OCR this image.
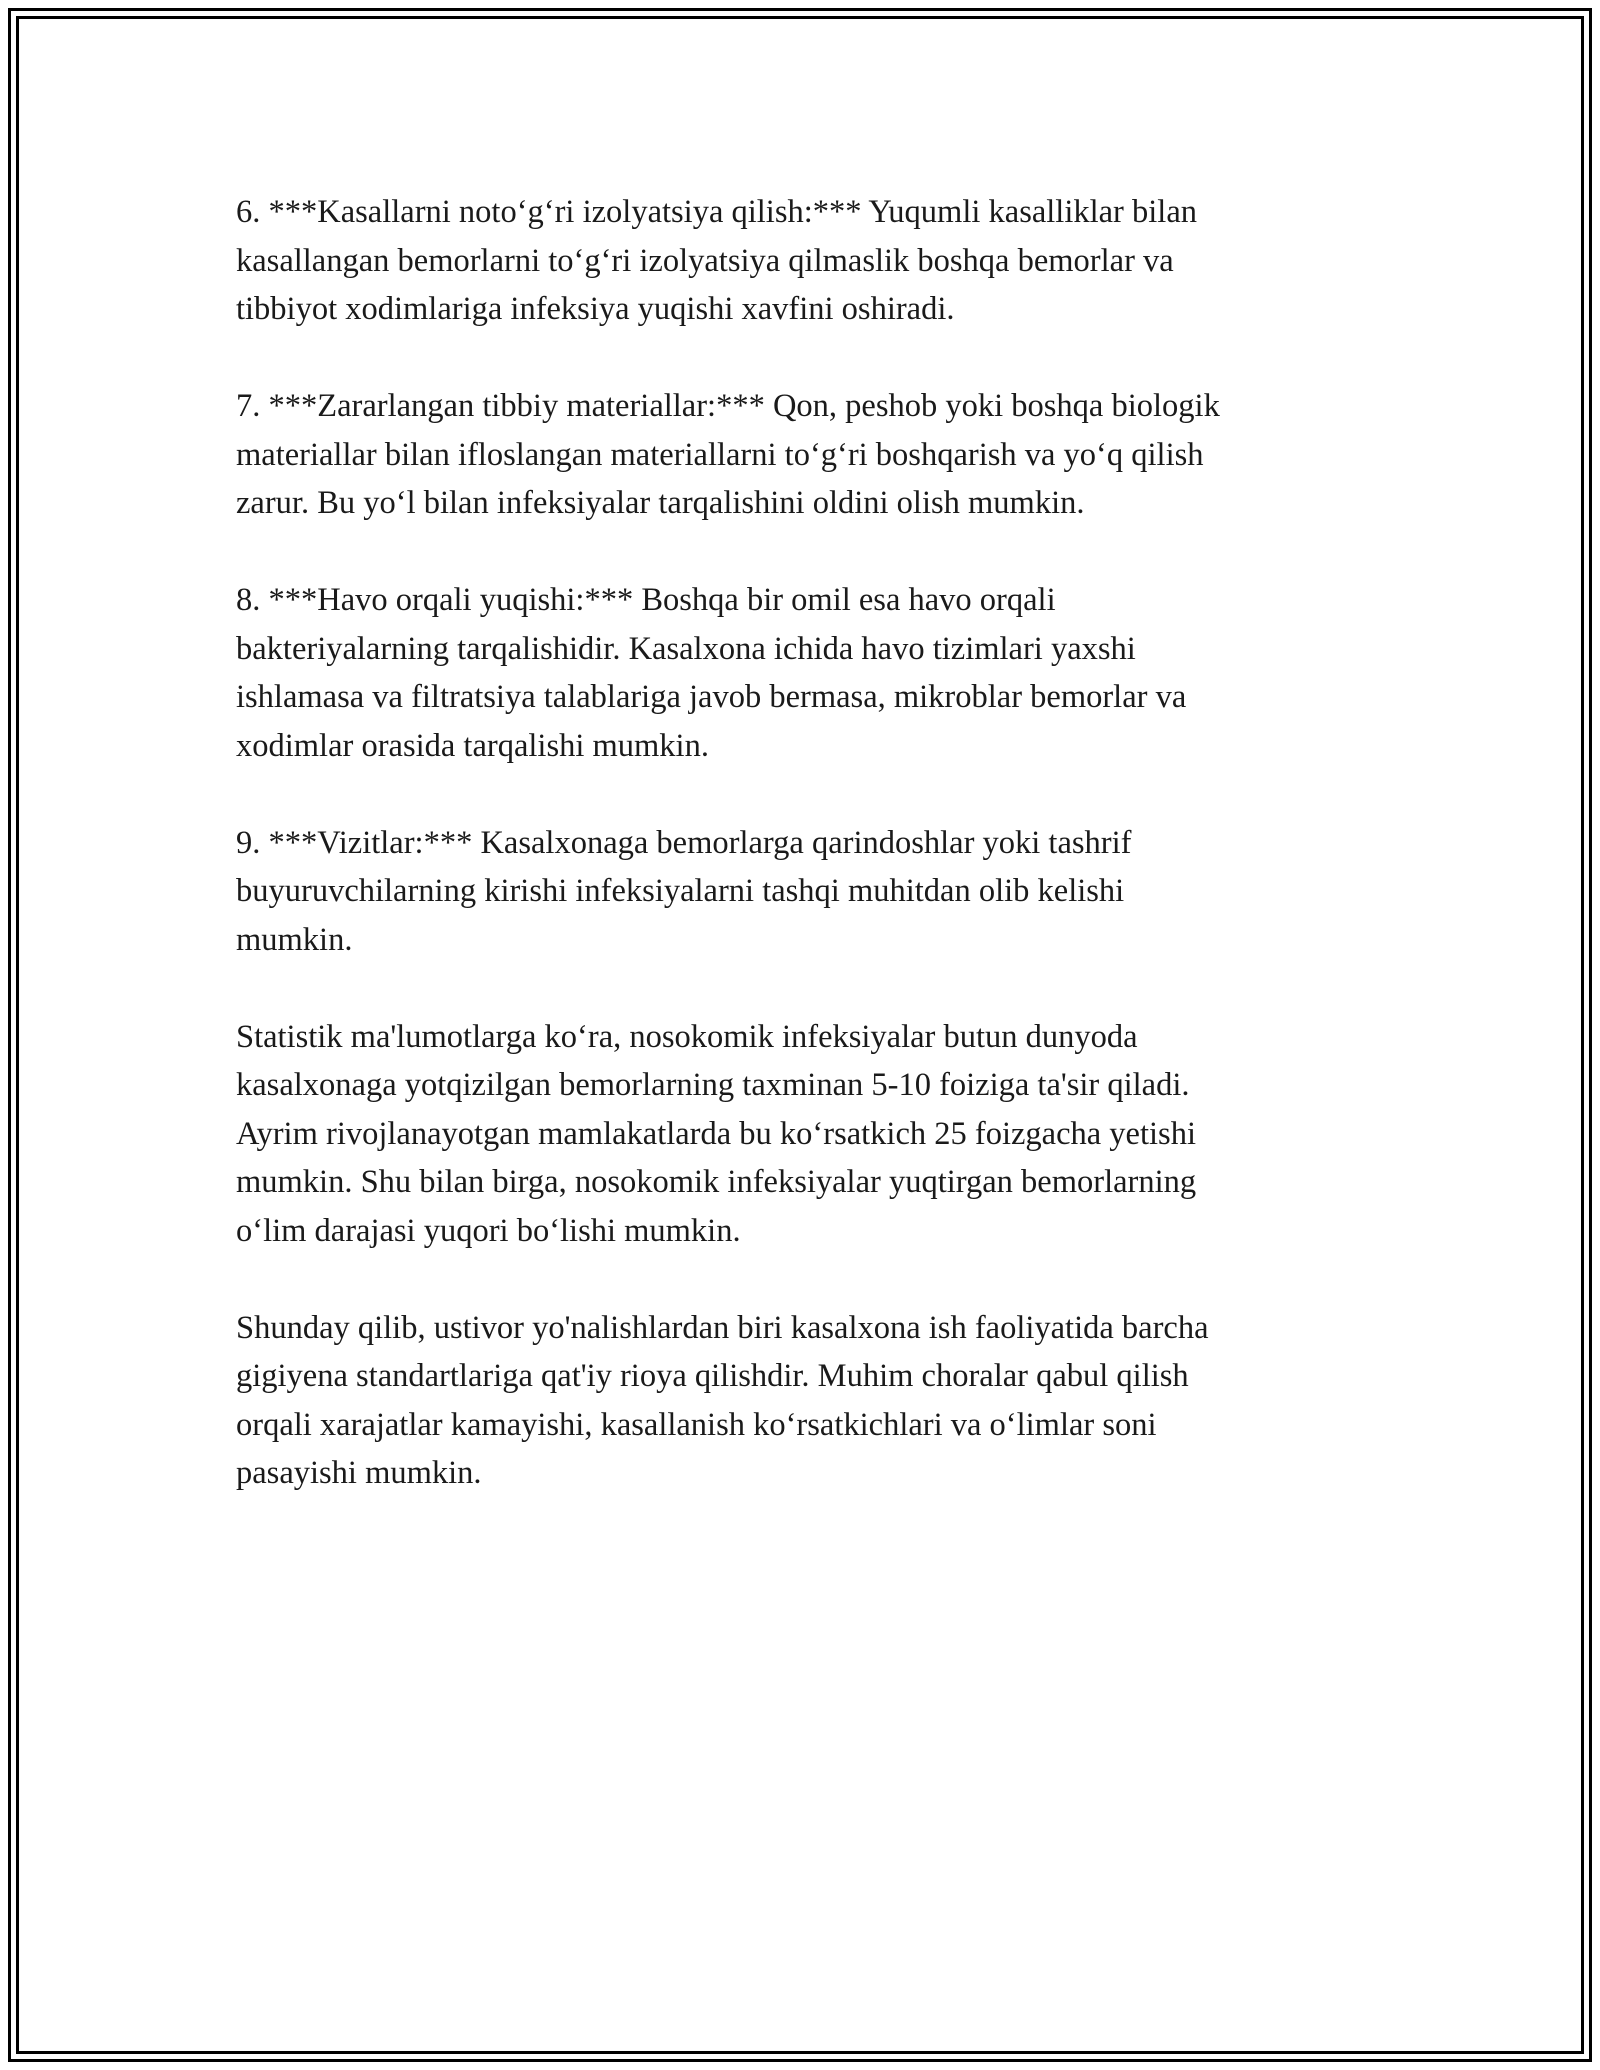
6. ***Kasallarni noto‘g‘ri izolyatsiya qilish:*** Yuqumli kasalliklar bilan
kasallangan bemorlarni to‘g‘ri izolyatsiya qilmaslik boshqa bemorlar va
tibbiyot xodimlariga infeksiya yuqishi xavfini oshiradi.

7. ***Zararlangan tibbiy materiallar:*** Qon, peshob yoki boshqa biologik
materiallar bilan ifloslangan materiallarni to‘g‘ri boshqarish va yo‘q qilish
zarur. Bu yo‘l bilan infeksiyalar tarqalishini oldini olish mumkin.

8. ***Havo orqali yuqishi:*** Boshqa bir omil esa havo orqali
bakteriyalarning tarqalishidir. Kasalxona ichida havo tizimlari yaxshi
ishlamasa va filtratsiya talablariga javob bermasa, mikroblar bemorlar va
xodimlar orasida tarqalishi mumkin.

9. ***Vizitlar:*** Kasalxonaga bemorlarga qarindoshlar yoki tashrif
buyuruvchilarning kirishi infeksiyalarni tashqi muhitdan olib kelishi
mumkin.

Statistik ma'lumotlarga ko‘ra, nosokomik infeksiyalar butun dunyoda
kasalxonaga yotqizilgan bemorlarning taxminan 5-10 foiziga ta'sir qiladi.
Ayrim rivojlanayotgan mamlakatlarda bu ko‘rsatkich 25 foizgacha yetishi
mumkin. Shu bilan birga, nosokomik infeksiyalar yuqtirgan bemorlarning
o‘lim darajasi yuqori bo‘lishi mumkin.

Shunday qilib, ustivor yo'nalishlardan biri kasalxona ish faoliyatida barcha
gigiyena standartlariga qat'iy rioya qilishdir. Muhim choralar qabul qilish
orqali xarajatlar kamayishi, kasallanish ko‘rsatkichlari va o‘limlar soni
pasayishi mumkin.
